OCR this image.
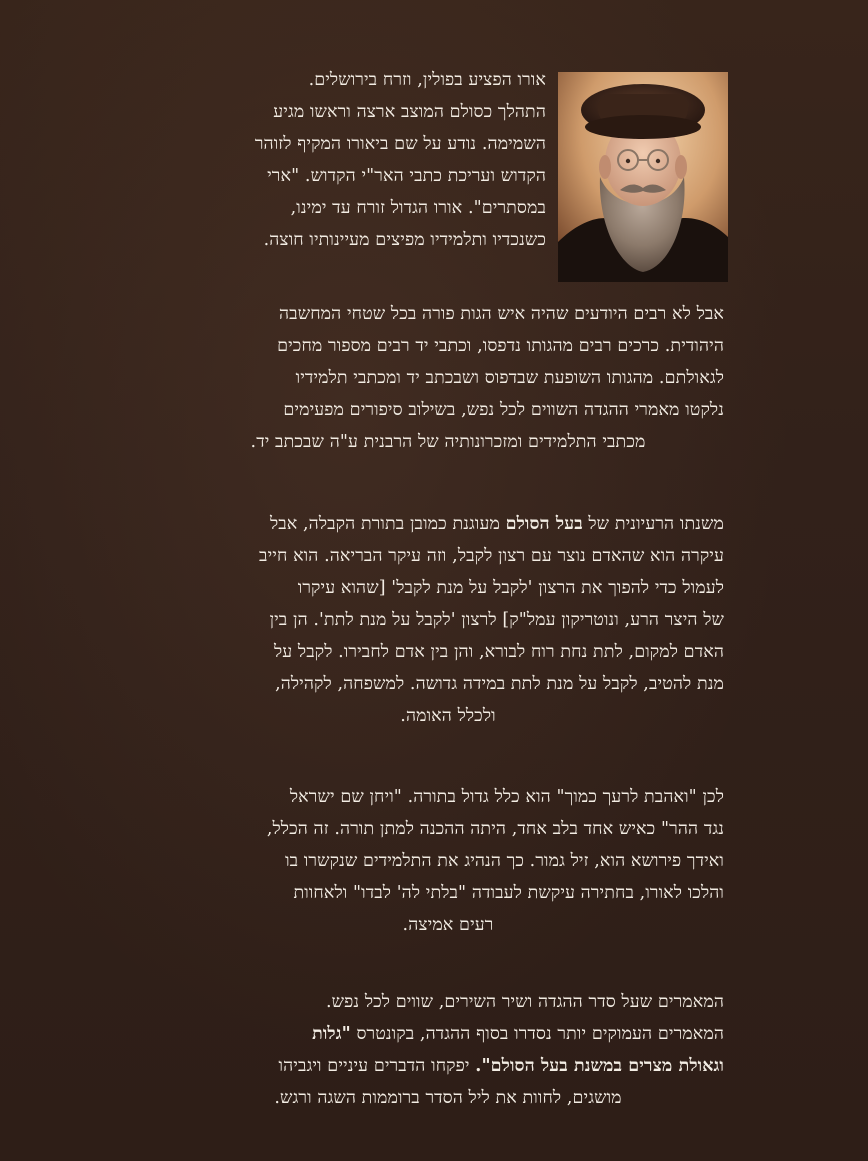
אורו הפציע בפולין, וזרח בירושלים.
התהלך כסולם המוצב ארצה וראשו מגיע
השמימה. נודע על שם ביאורו המקיף לזוהר
הקדוש ועריכת כתבי האר"י הקדוש. "ארי
במסתרים". אורו הגדול זורח עד ימינו,
כשנכדיו ותלמידיו מפיצים מעיינותיו חוצה.
אבל לא רבים היודעים שהיה איש הגות פורה בכל שטחי המחשבה
היהודית. כרכים רבים מהגותו נדפסו, וכתבי יד רבים מספור מחכים
לגאולתם. מהגותו השופעת שבדפוס ושבכתב יד ומכתבי תלמידיו
נלקטו מאמרי ההגדה השווים לכל נפש, בשילוב סיפורים מפעימים
מכתבי התלמידים ומזכרונותיה של הרבנית ע"ה שבכתב יד.
משנתו הרעיונית של בעל הסולם מעוגנת כמובן בתורת הקבלה, אבל
עיקרה הוא שהאדם נוצר עם רצון לקבל, וזה עיקר הבריאה. הוא חייב
לעמול כדי להפוך את הרצון 'לקבל על מנת לקבל' [שהוא עיקרו
של היצר הרע, ונוטריקון עמל"ק] לרצון 'לקבל על מנת לתת'. הן בין
האדם למקום, לתת נחת רוח לבורא, והן בין אדם לחבירו. לקבל על
מנת להטיב, לקבל על מנת לתת במידה גדושה. למשפחה, לקהילה,
ולכלל האומה.
לכן "ואהבת לרעך כמוך" הוא כלל גדול בתורה. "ויחן שם ישראל
נגד ההר" כאיש אחד בלב אחד, היתה ההכנה למתן תורה. זה הכלל,
ואידך פירושא הוא, זיל גמור. כך הנהיג את התלמידים שנקשרו בו
והלכו לאורו, בחתירה עיקשת לעבודה "בלתי לה' לבדו" ולאחוות
רעים אמיצה.
המאמרים שעל סדר ההגדה ושיר השירים, שווים לכל נפש.
המאמרים העמוקים יותר נסדרו בסוף ההגדה, בקונטרס "גלות
וגאולת מצרים במשנת בעל הסולם". יפקחו הדברים עיניים ויגביהו
מושגים, לחוות את ליל הסדר ברוממות השגה ורגש.
